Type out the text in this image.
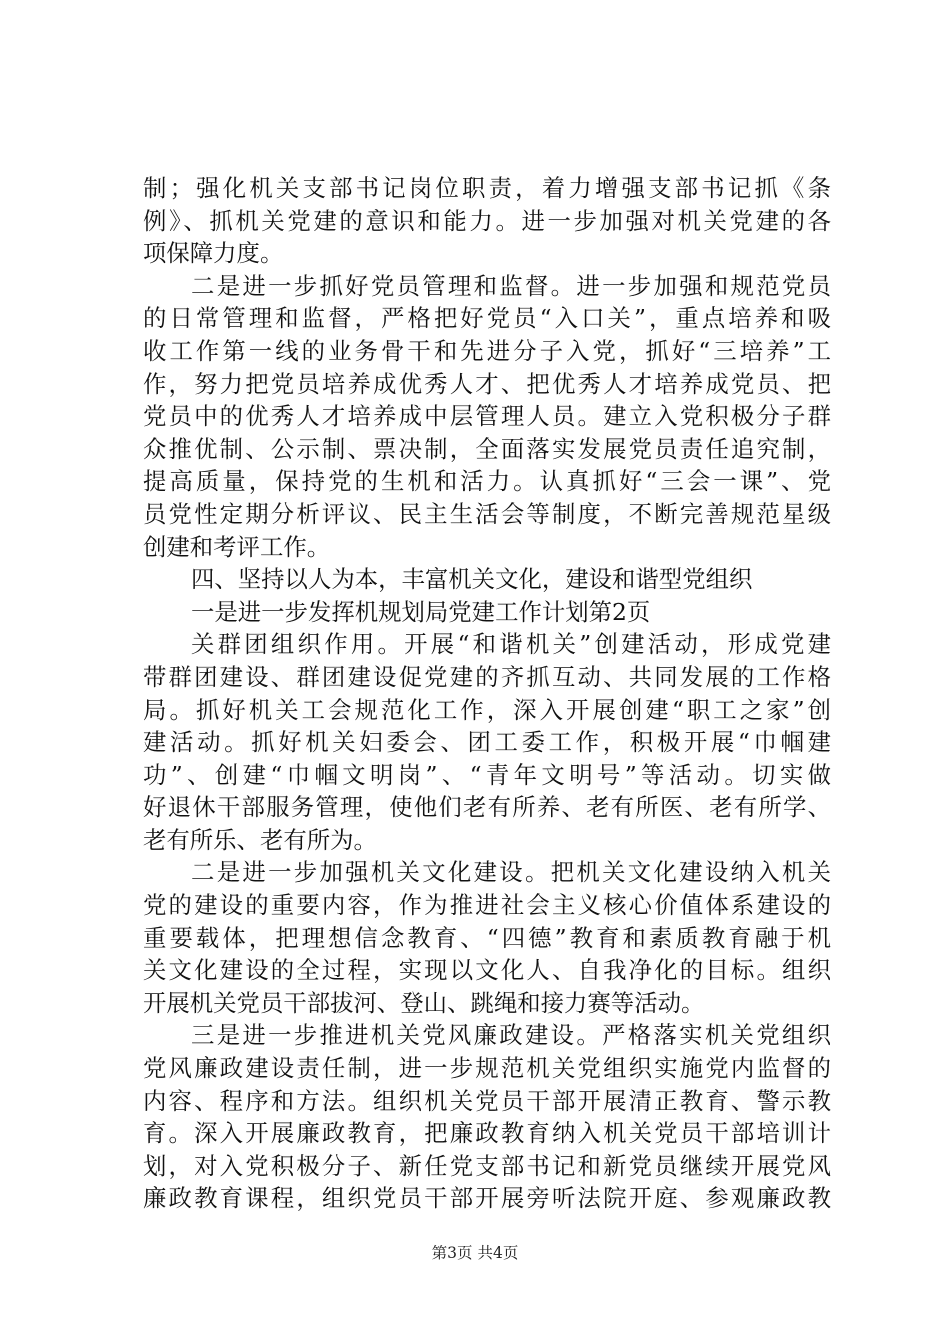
制；强化机关支部书记岗位职责，着力增强支部书记抓《条
例》、抓机关党建的意识和能力。进一步加强对机关党建的各
项保障力度。
二是进一步抓好党员管理和监督。进一步加强和规范党员
的日常管理和监督，严格把好党员“入口关”，重点培养和吸
收工作第一线的业务骨干和先进分子入党，抓好“三培养”工
作，努力把党员培养成优秀人才、把优秀人才培养成党员、把
党员中的优秀人才培养成中层管理人员。建立入党积极分子群
众推优制、公示制、票决制，全面落实发展党员责任追究制，
提高质量，保持党的生机和活力。认真抓好“三会一课”、党
员党性定期分析评议、民主生活会等制度，不断完善规范星级
创建和考评工作。
四、坚持以人为本，丰富机关文化，建设和谐型党组织
一是进一步发挥机规划局党建工作计划第2页
关群团组织作用。开展“和谐机关”创建活动，形成党建
带群团建设、群团建设促党建的齐抓互动、共同发展的工作格
局。抓好机关工会规范化工作，深入开展创建“职工之家”创
建活动。抓好机关妇委会、团工委工作，积极开展“巾帼建
功”、创建“巾帼文明岗”、“青年文明号”等活动。切实做
好退休干部服务管理，使他们老有所养、老有所医、老有所学、
老有所乐、老有所为。
二是进一步加强机关文化建设。把机关文化建设纳入机关
党的建设的重要内容，作为推进社会主义核心价值体系建设的
重要载体，把理想信念教育、“四德”教育和素质教育融于机
关文化建设的全过程，实现以文化人、自我净化的目标。组织
开展机关党员干部拔河、登山、跳绳和接力赛等活动。
三是进一步推进机关党风廉政建设。严格落实机关党组织
党风廉政建设责任制，进一步规范机关党组织实施党内监督的
内容、程序和方法。组织机关党员干部开展清正教育、警示教
育。深入开展廉政教育，把廉政教育纳入机关党员干部培训计
划，对入党积极分子、新任党支部书记和新党员继续开展党风
廉政教育课程，组织党员干部开展旁听法院开庭、参观廉政教
第3页 共4页
